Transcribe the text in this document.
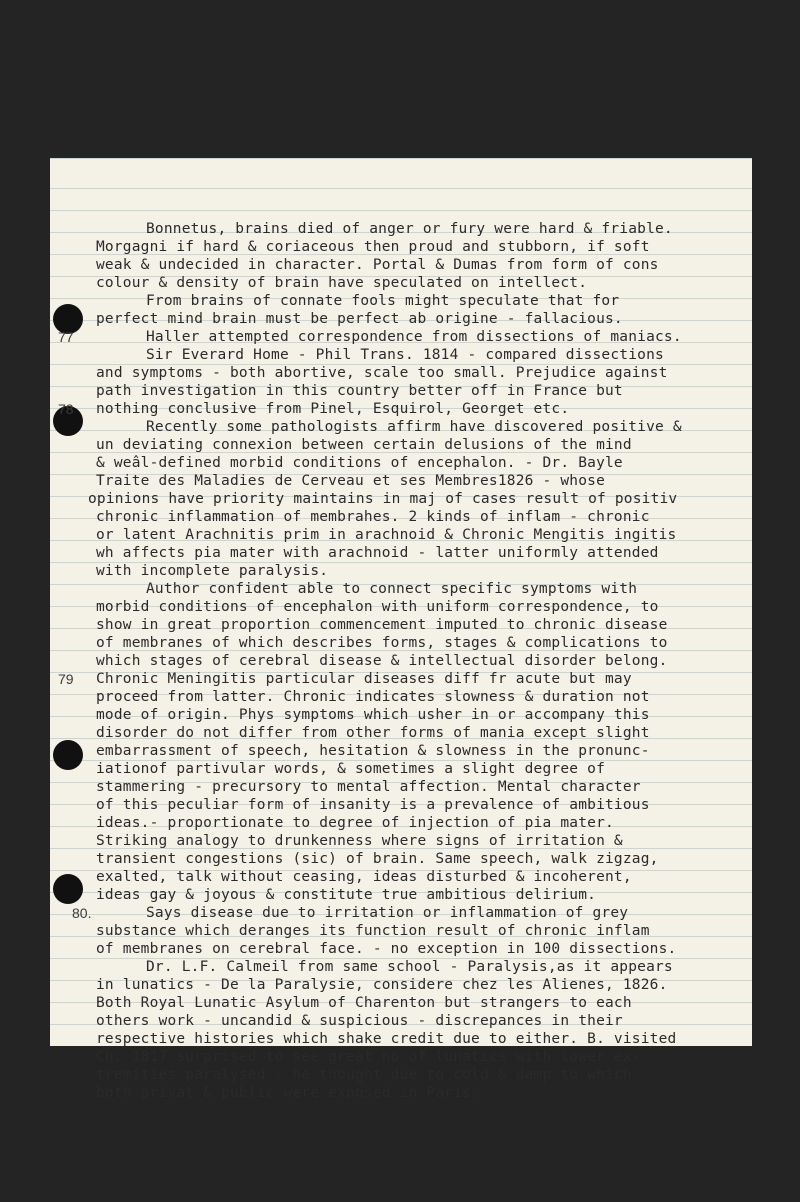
77
78
79
80.
Bonnetus, brains died of anger or fury were hard & friable.
Morgagni if hard & coriaceous then proud and stubborn, if soft
weak & undecided in character. Portal & Dumas from form of cons
colour & density of brain have speculated on intellect.
From brains of connate fools might speculate that for
perfect mind brain must be perfect ab origine - fallacious.
Haller attempted correspondence from dissections of maniacs.
Sir Everard Home - Phil Trans. 1814 - compared dissections
and symptoms - both abortive, scale too small. Prejudice against
path investigation in this country better off in France but
nothing conclusive from Pinel, Esquirol, Georget etc.
Recently some pathologists affirm have discovered positive &
un deviating connexion between certain delusions of the mind
& weâl-defined morbid conditions of encephalon. - Dr. Bayle
Traite des Maladies de Cerveau et ses Membres1826 - whose
opinions have priority maintains in maj of cases result of positiv
chronic inflammation of membrahes. 2 kinds of inflam - chronic
or latent Arachnitis prim in arachnoid & Chronic Mengitis ingitis
wh affects pia mater with arachnoid - latter uniformly attended
with incomplete paralysis.
Author confident able to connect specific symptoms with
morbid conditions of encephalon with uniform correspondence, to
show in great proportion commencement imputed to chronic disease
of membranes of which describes forms, stages & complications to
which stages of cerebral disease & intellectual disorder belong.
Chronic Meningitis particular diseases diff fr acute but may
proceed from latter. Chronic indicates slowness & duration not
mode of origin. Phys symptoms which usher in or accompany this
disorder do not differ from other forms of mania except slight
embarrassment of speech, hesitation & slowness in the pronunc-
iationof partivular words, & sometimes a slight degree of
stammering - precursory to mental affection. Mental character
of this peculiar form of insanity is a prevalence of ambitious
ideas.- proportionate to degree of injection of pia mater.
Striking analogy to drunkenness where signs of irritation &
transient congestions (sic) of brain. Same speech, walk zigzag,
exalted, talk without ceasing, ideas disturbed & incoherent,
ideas gay & joyous & constitute true ambitious delirium.
Says disease due to irritation or inflammation of grey
substance which deranges its function result of chronic inflam
of membranes on cerebral face. - no exception in 100 dissections.
Dr. L.F. Calmeil from same school - Paralysis,as it appears
in lunatics - De la Paralysie, considere chez les Alienes, 1826.
Both Royal Lunatic Asylum of Charenton but strangers to each
others work - uncandid & suspicious - discrepances in their
respective histories which shake credit due to either. B. visited
Ch. 1817 surprised to see great no of lunatics with lower ex-
tremities paralysed - he thought due to cold & damp to which
both privat & public were exposed in Paris.
